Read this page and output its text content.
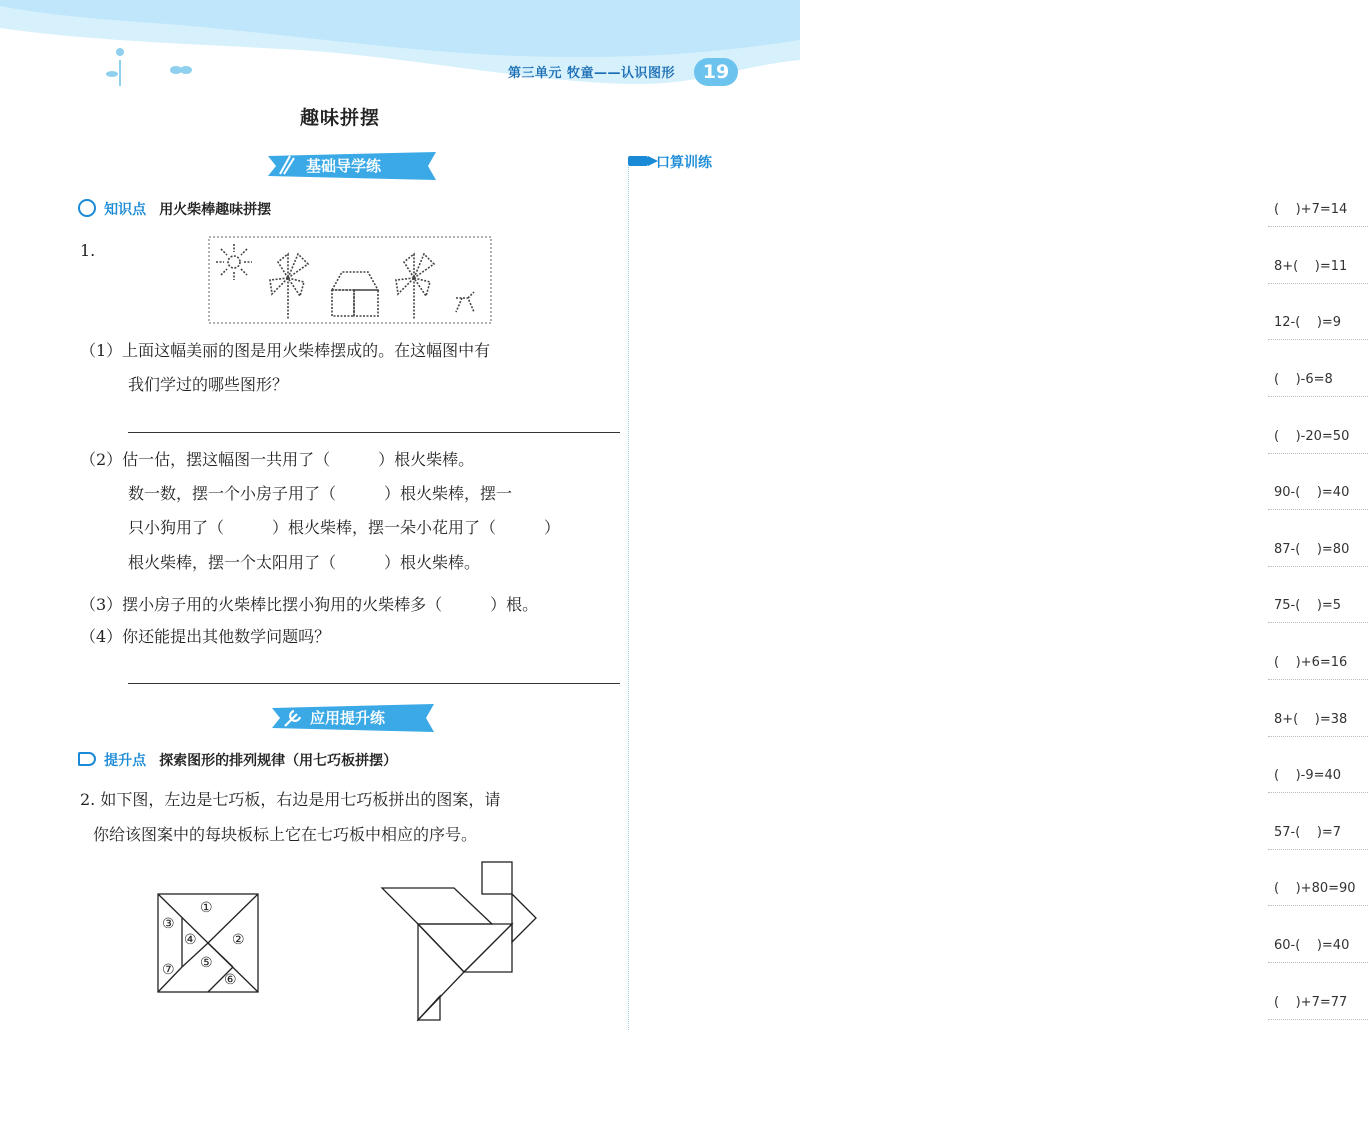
第三单元 牧童——认识图形	19
趣味拼摆
基础导学练	口算训练
知识点 用火柴棒趣味拼摆
1.
（1）上面这幅美丽的图是用火柴棒摆成的。在这幅图中有
我们学过的哪些图形？
（2）估一估，摆这幅图一共用了（　　　）根火柴棒。
数一数，摆一个小房子用了（　　　）根火柴棒，摆一
只小狗用了（　　　）根火柴棒，摆一朵小花用了（　　　）
根火柴棒，摆一个太阳用了（　　　）根火柴棒。
（3）摆小房子用的火柴棒比摆小狗用的火柴棒多（　　　）根。
（4）你还能提出其他数学问题吗？
应用提升练
提升点 探索图形的排列规律（用七巧板拼摆）
2. 如下图，左边是七巧板，右边是用七巧板拼出的图案，请
你给该图案中的每块板标上它在七巧板中相应的序号。
①
②
③
④
⑤
⑥
⑦
(    )+7=14
8+(    )=11
12-(    )=9
(    )-6=8
(    )-20=50
90-(    )=40
87-(    )=80
75-(    )=5
(    )+6=16
8+(    )=38
(    )-9=40
57-(    )=7
(    )+80=90
60-(    )=40
(    )+7=77
